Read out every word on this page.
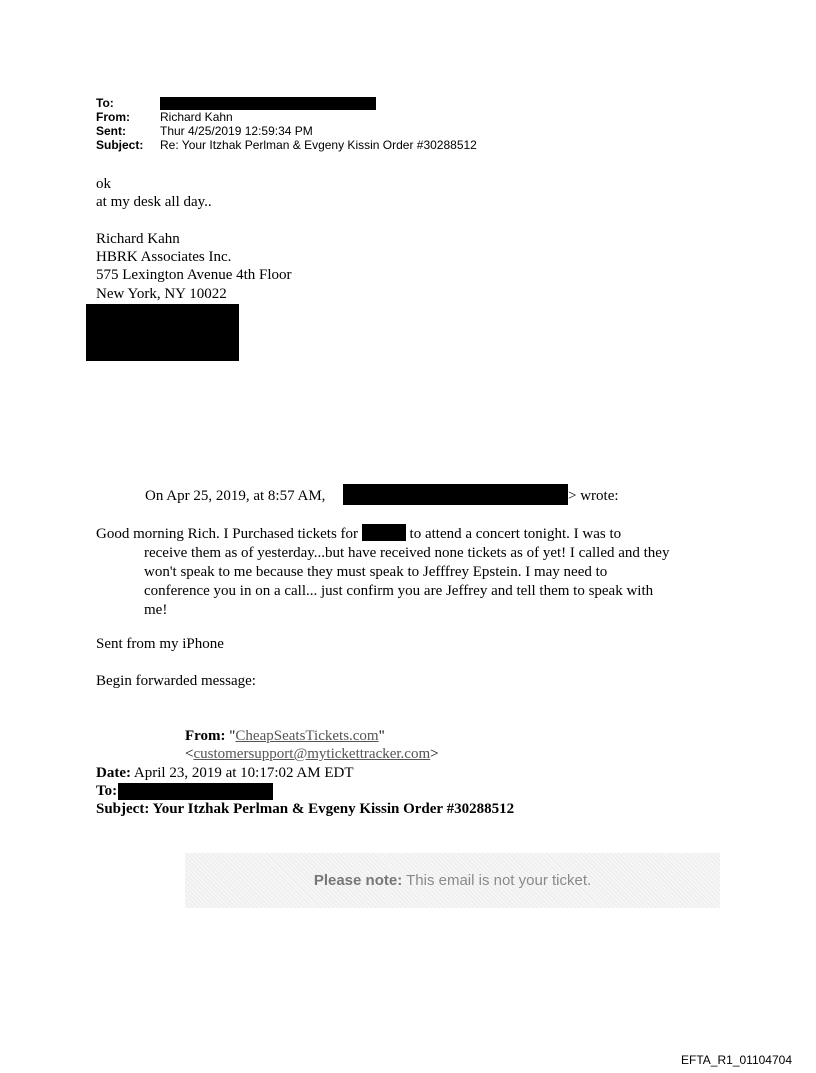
To:
From:	Richard Kahn
Sent:	Thur 4/25/2019 12:59:34 PM
Subject: Re: Your Itzhak Perlman & Evgeny Kissin Order #30288512
ok
at my desk all day..
Richard Kahn
HBRK Associates Inc.
575 Lexington Avenue 4th Floor
New York, NY 10022
On Apr 25, 2019, at 8:57 AM,	> wrote:
Good morning Rich. I Purchased tickets for	to attend a concert tonight. I was to
receive them as of yesterday...but have received none tickets as of yet! I called and they won't speak to me because they must speak to Jefffrey Epstein. I may need to conference you in on a call... just confirm you are Jeffrey and tell them to speak with me!
Sent from my iPhone
Begin forwarded message:
From: "CheapSeatsTickets.com"
<customersupport@mytickettracker.com>
Date: April 23, 2019 at 10:17:02 AM EDT
To:
Subject: Your Itzhak Perlman & Evgeny Kissin Order #30288512
Please note: This email is not your ticket.
EFTA_R1_01104704
